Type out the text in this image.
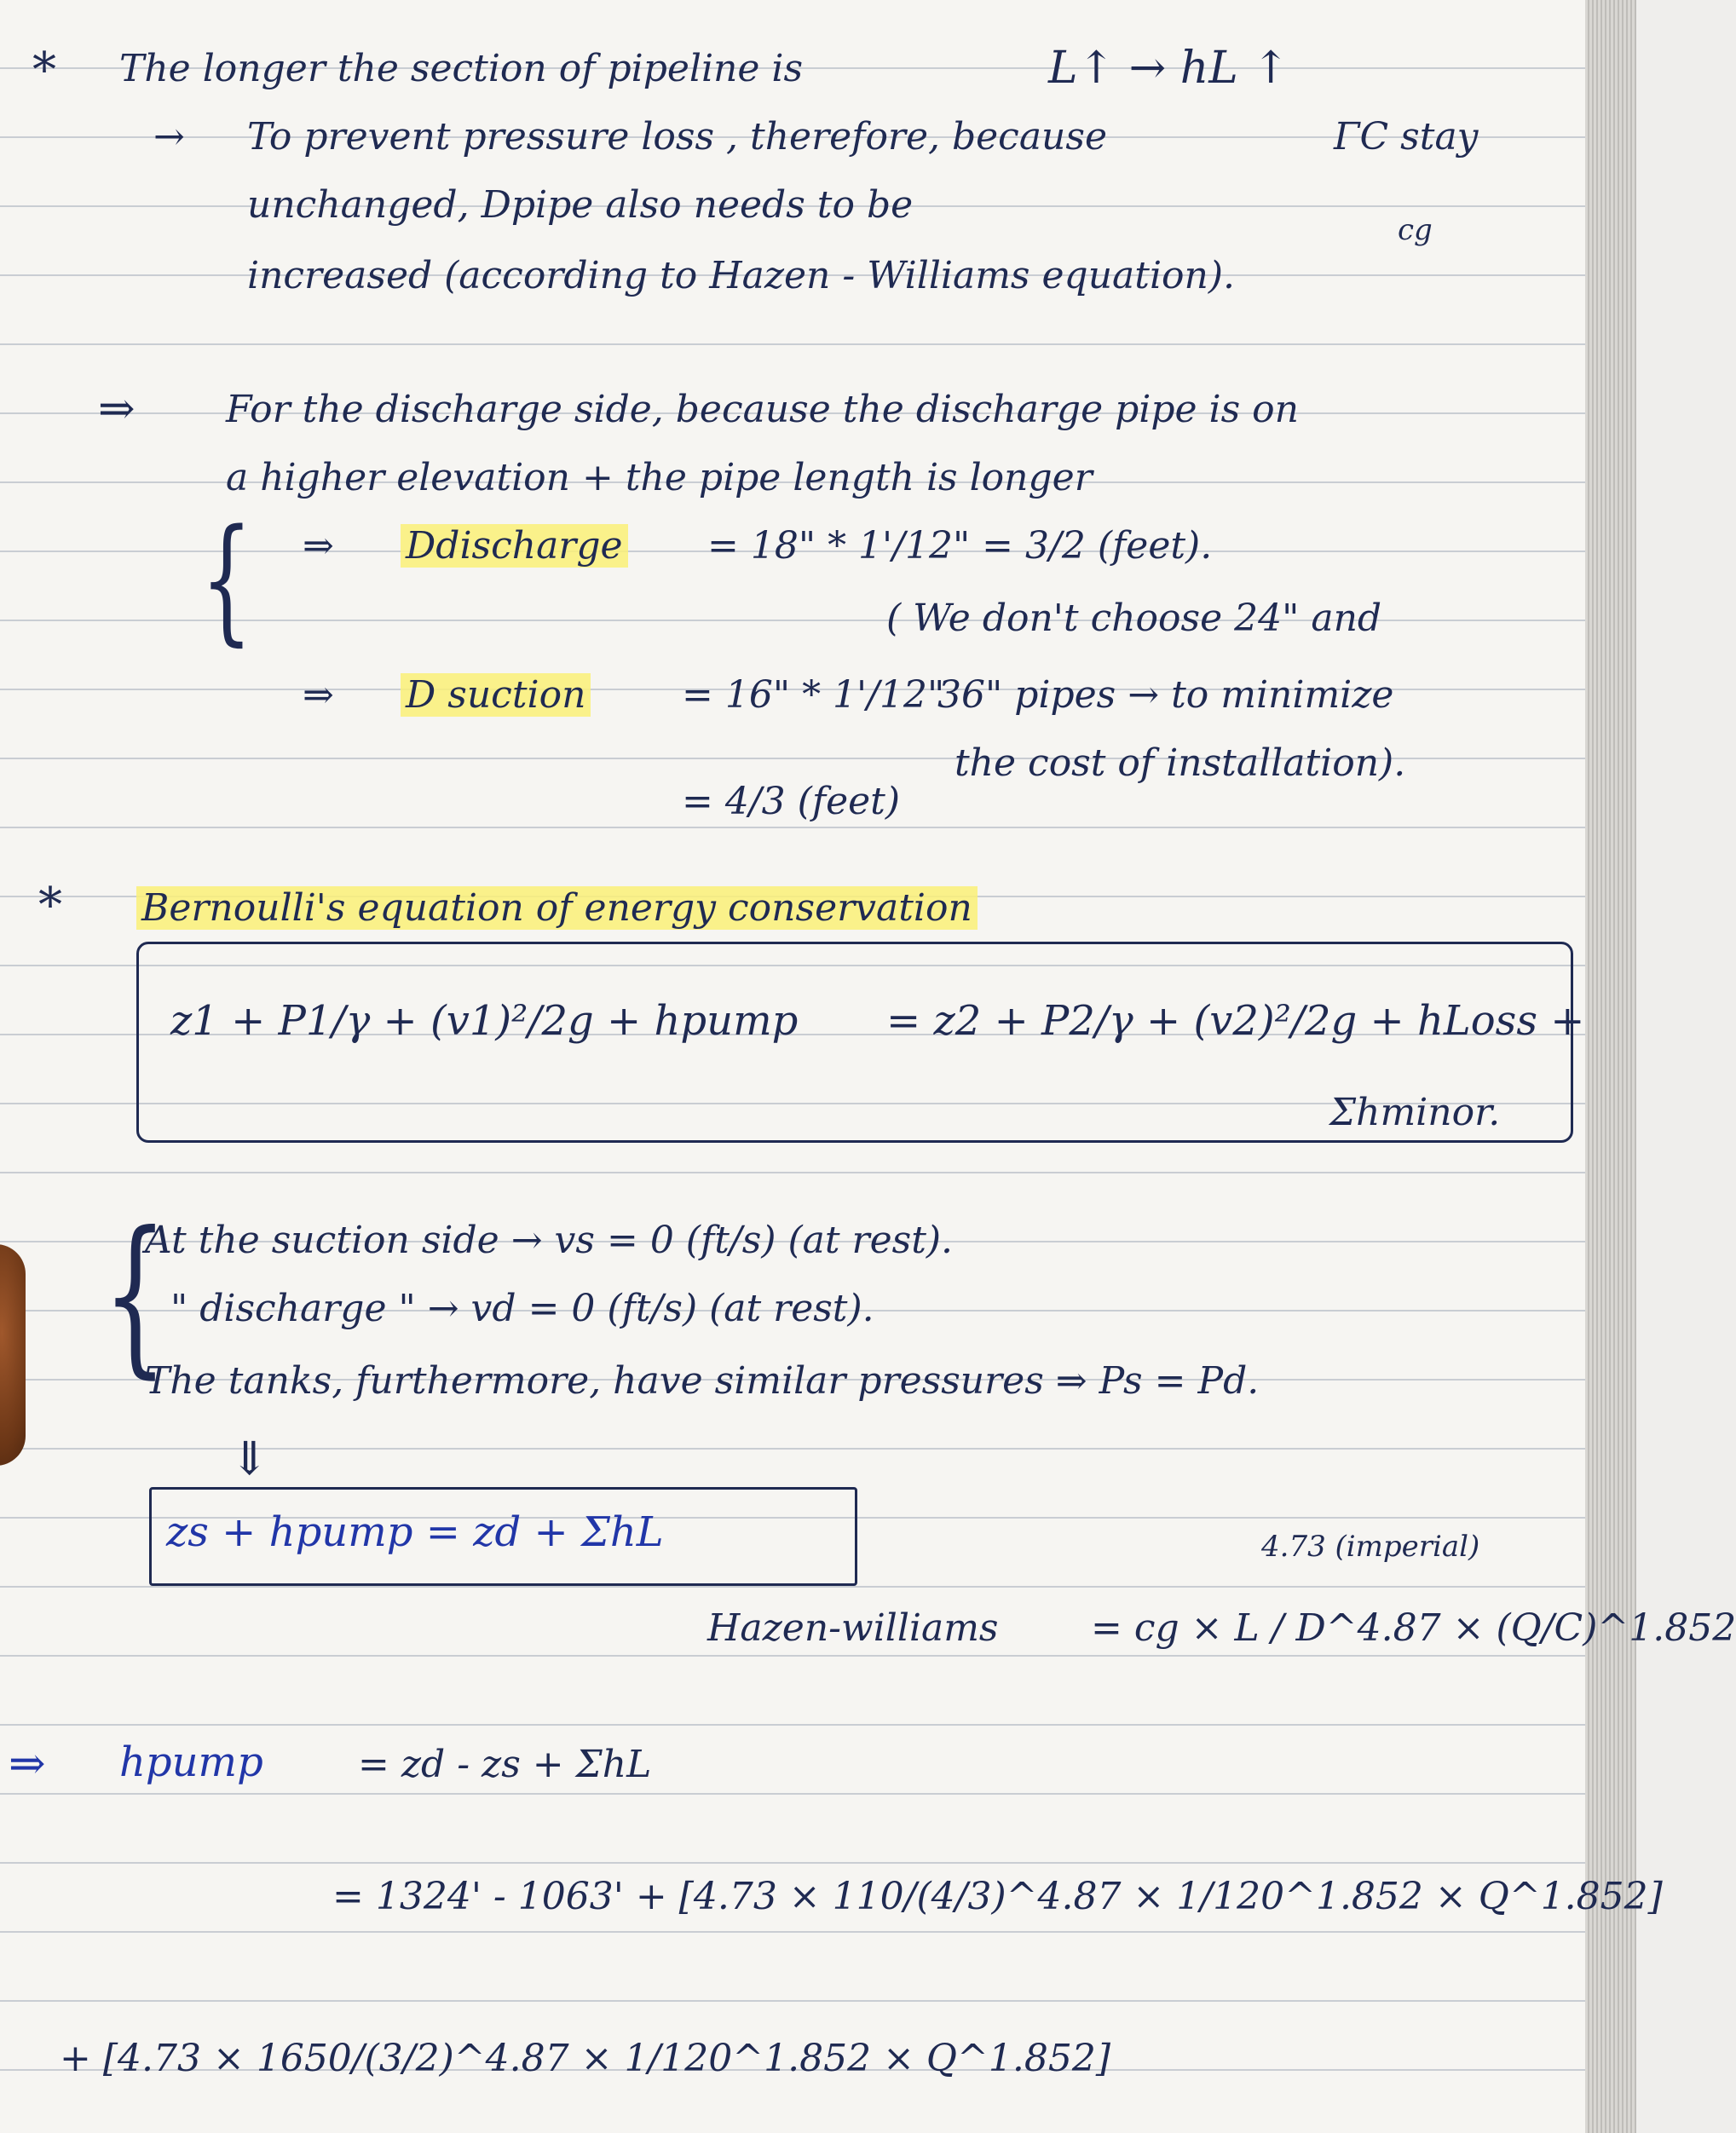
* The longer the section of pipeline is	L↑ → hL ↑
→ To prevent pressure loss , therefore, because	ΓC stay
unchanged, Dpipe also needs to be
cg
increased (according to Hazen - Williams equation).
⇒ For the discharge side, because the discharge pipe is on
a higher elevation + the pipe length is longer
{ ⇒ Ddischarge = 18" * 1'/12" = 3/2 (feet).
( We don't choose 24" and
⇒ D suction	= 16" * 1'/12"
36" pipes → to minimize
the cost of installation).
= 4/3 (feet)
* Bernoulli's equation of energy conservation
z1 + P1/γ + (v1)²/2g + hpump = z2 + P2/γ + (v2)²/2g + hLoss +
Σhminor.
{
At the suction side → vs = 0 (ft/s) (at rest).
" discharge " → vd = 0 (ft/s) (at rest).
The tanks, furthermore, have similar pressures ⇒ Ps = Pd.
⇓
zs + hpump = zd + ΣhL	4.73 (imperial)
Hazen-williams = cg × L / D^4.87 × (Q/C)^1.852
⇒ hpump	= zd - zs + ΣhL
= 1324' - 1063' + [4.73 × 110/(4/3)^4.87 × 1/120^1.852 × Q^1.852]
+ [4.73 × 1650/(3/2)^4.87 × 1/120^1.852 × Q^1.852]
